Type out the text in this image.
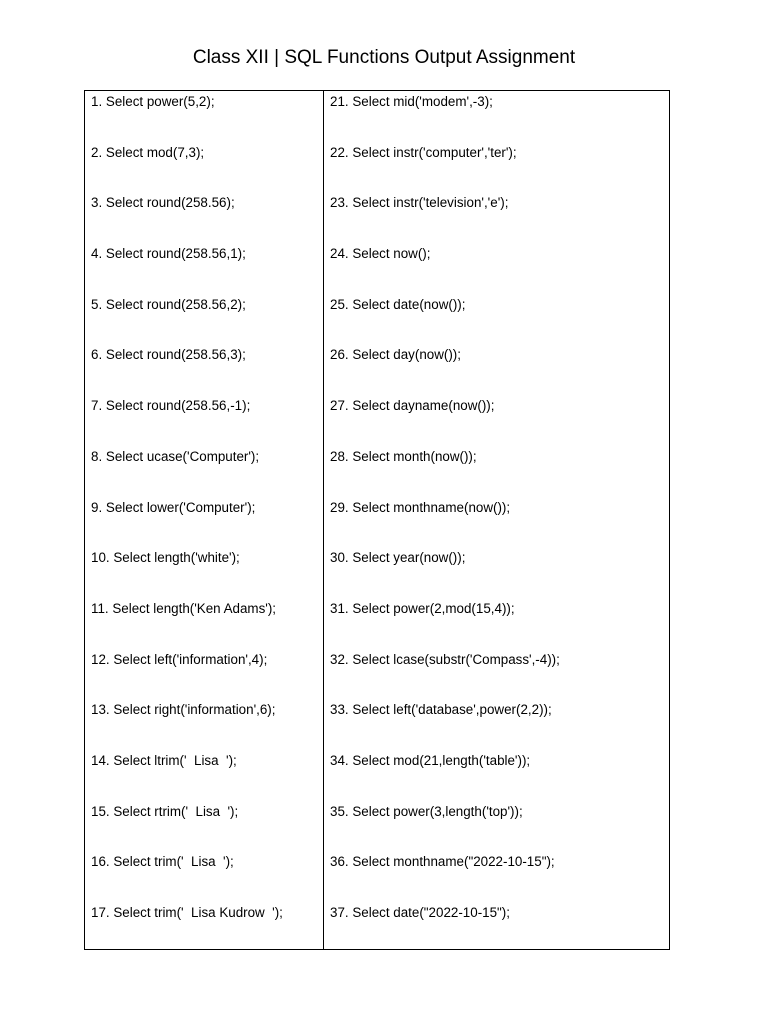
Class XII | SQL Functions Output Assignment
1. Select power(5,2);
2. Select mod(7,3);
3. Select round(258.56);
4. Select round(258.56,1);
5. Select round(258.56,2);
6. Select round(258.56,3);
7. Select round(258.56,-1);
8. Select ucase('Computer');
9. Select lower('Computer');
10. Select length('white');
11. Select length('Ken Adams');
12. Select left('information',4);
13. Select right('information',6);
14. Select ltrim('  Lisa  ');
15. Select rtrim('  Lisa  ');
16. Select trim('  Lisa  ');
17. Select trim('  Lisa Kudrow  ');
21. Select mid('modem',-3);
22. Select instr('computer','ter');
23. Select instr('television','e');
24. Select now();
25. Select date(now());
26. Select day(now());
27. Select dayname(now());
28. Select month(now());
29. Select monthname(now());
30. Select year(now());
31. Select power(2,mod(15,4));
32. Select lcase(substr('Compass',-4));
33. Select left('database',power(2,2));
34. Select mod(21,length('table'));
35. Select power(3,length('top'));
36. Select monthname("2022-10-15");
37. Select date("2022-10-15");
